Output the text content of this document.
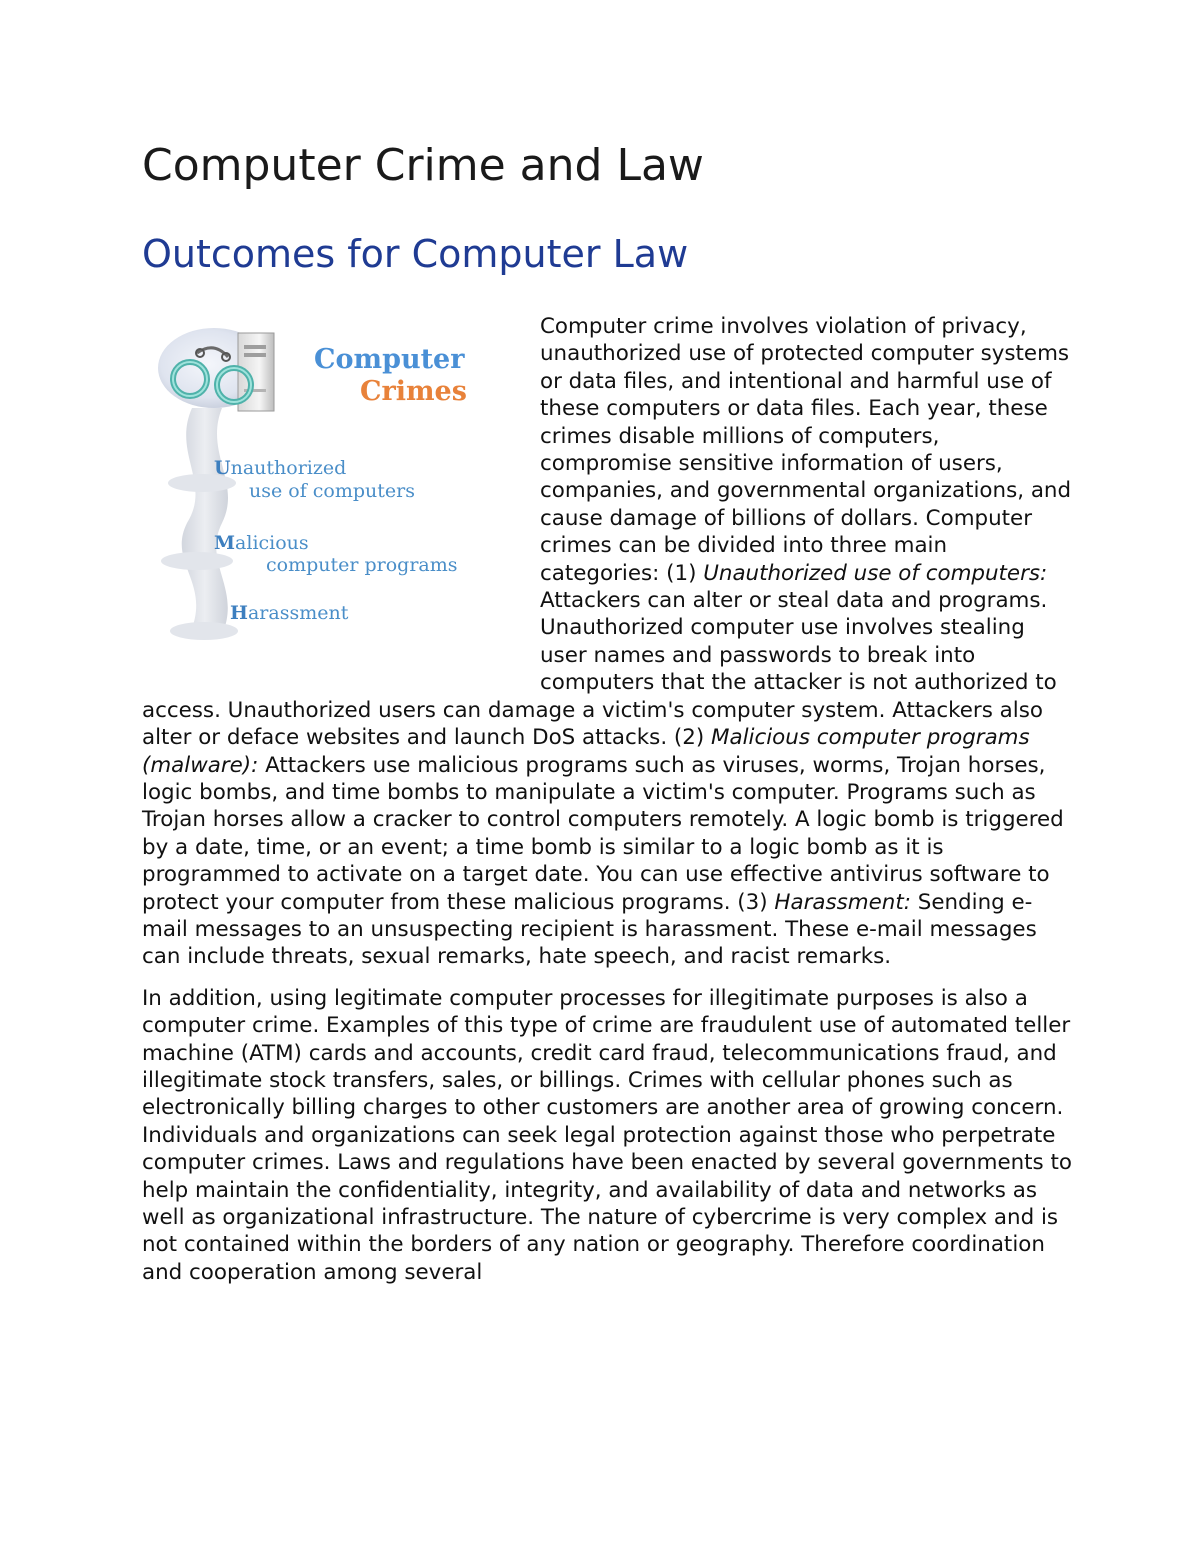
Computer Crime and Law
Outcomes for Computer Law
Computer
Crimes
Unauthorized
use of computers
Malicious
computer programs
Harassment

Computer crime involves violation of privacy, unauthorized use of protected computer systems or data files, and intentional and harmful use of these computers or data files. Each year, these crimes disable millions of computers, compromise sensitive information of users, companies, and governmental organizations, and cause damage of billions of dollars. Computer crimes can be divided into three main categories: (1) Unauthorized use of computers: Attackers can alter or steal data and programs. Unauthorized computer use involves stealing user names and passwords to break into computers that the attacker is not authorized to access. Unauthorized users can damage a victim's computer system. Attackers also alter or deface websites and launch DoS attacks. (2) Malicious computer programs (malware): Attackers use malicious programs such as viruses, worms, Trojan horses, logic bombs, and time bombs to manipulate a victim's computer. Programs such as Trojan horses allow a cracker to control computers remotely. A logic bomb is triggered by a date, time, or an event; a time bomb is similar to a logic bomb as it is programmed to activate on a target date. You can use effective antivirus software to protect your computer from these malicious programs. (3) Harassment: Sending e-mail messages to an unsuspecting recipient is harassment. These e-mail messages can include threats, sexual remarks, hate speech, and racist remarks.

In addition, using legitimate computer processes for illegitimate purposes is also a computer crime. Examples of this type of crime are fraudulent use of automated teller machine (ATM) cards and accounts, credit card fraud, telecommunications fraud, and illegitimate stock transfers, sales, or billings. Crimes with cellular phones such as electronically billing charges to other customers are another area of growing concern. Individuals and organizations can seek legal protection against those who perpetrate computer crimes. Laws and regulations have been enacted by several governments to help maintain the confidentiality, integrity, and availability of data and networks as well as organizational infrastructure. The nature of cybercrime is very complex and is not contained within the borders of any nation or geography. Therefore coordination and cooperation among several
